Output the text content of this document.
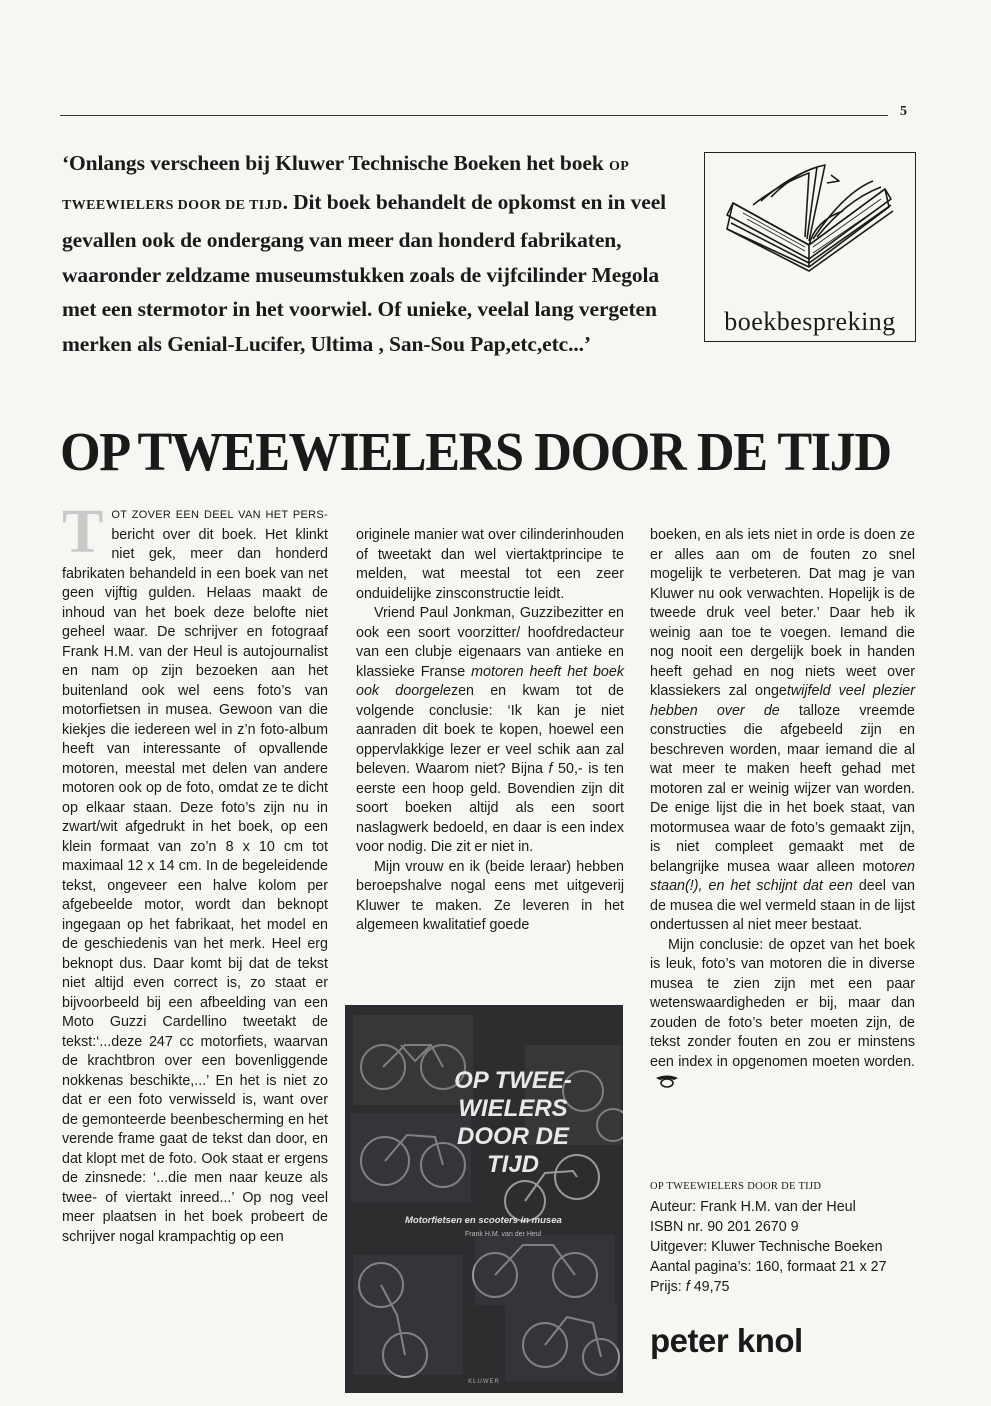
5
‘Onlangs verscheen bij Kluwer Technische Boeken het boek OP TWEEWIELERS DOOR DE TIJD. Dit boek behandelt de opkomst en in veel gevallen ook de ondergang van meer dan honderd fabrikaten, waaronder zeldzame museumstukken zoals de vijfcilinder Megola met een stermotor in het voorwiel. Of unieke, veelal lang vergeten merken als Genial-Lucifer, Ultima , San-Sou Pap,etc,etc...’
boekbespreking
OP TWEEWIELERS DOOR DE TIJD

TOT ZOVER EEN DEEL VAN HET PERS- bericht over dit boek. Het klinkt niet gek, meer dan honderd fabrikaten behandeld in een boek van net geen vijftig gulden. Helaas maakt de inhoud van het boek deze belofte niet geheel waar. De schrijver en fotograaf Frank H.M. van der Heul is autojournalist en nam op zijn bezoeken aan het buitenland ook wel eens foto’s van motorfietsen in musea. Gewoon van die kiekjes die iedereen wel in z’n foto-album heeft van interessante of opvallende motoren, meestal met delen van andere motoren ook op de foto, omdat ze te dicht op elkaar staan. Deze foto’s zijn nu in zwart/wit afgedrukt in het boek, op een klein formaat van zo’n 8 x 10 cm tot maximaal 12 x 14 cm. In de begeleidende tekst, ongeveer een halve kolom per afgebeelde motor, wordt dan beknopt ingegaan op het fabrikaat, het model en de geschiedenis van het merk. Heel erg beknopt dus. Daar komt bij dat de tekst niet altijd even correct is, zo staat er bijvoorbeeld bij een afbeelding van een Moto Guzzi Cardellino tweetakt de tekst:‘...deze 247 cc motorfiets, waarvan de krachtbron over een bovenliggende nokkenas beschikte,...’ En het is niet zo dat er een foto verwisseld is, want over de gemonteerde beenbescherming en het verende frame gaat de tekst dan door, en dat klopt met de foto. Ook staat er ergens de zinsnede: ‘...die men naar keuze als twee- of viertakt inreed...’ Op nog veel meer plaatsen in het boek probeert de schrijver nogal krampachtig op een

originele manier wat over cilinderinhouden of tweetakt dan wel viertaktprincipe te melden, wat meestal tot een zeer onduidelijke zinsconstructie leidt.

Vriend Paul Jonkman, Guzzibezitter en ook een soort voorzitter/ hoofdredacteur van een clubje eigenaars van antieke en klassieke Franse motoren heeft het boek ook doorgelezen en kwam tot de volgende conclusie: ‘Ik kan je niet aanraden dit boek te kopen, hoewel een oppervlakkige lezer er veel schik aan zal beleven. Waarom niet? Bijna f 50,- is ten eerste een hoop geld. Bovendien zijn dit soort boeken altijd als een soort naslagwerk bedoeld, en daar is een index voor nodig. Die zit er niet in.

Mijn vrouw en ik (beide leraar) hebben beroepshalve nogal eens met uitgeverij Kluwer te maken. Ze leveren in het algemeen kwalitatief goede

OP TWEE-WIELERS DOOR DE TIJD
Motorfietsen en scooters in musea
Frank H.M. van der Heul
KLUWER

boeken, en als iets niet in orde is doen ze er alles aan om de fouten zo snel mogelijk te verbeteren. Dat mag je van Kluwer nu ook verwachten. Hopelijk is de tweede druk veel beter.’ Daar heb ik weinig aan toe te voegen. Iemand die nog nooit een dergelijk boek in handen heeft gehad en nog niets weet over klassiekers zal ongetwijfeld veel plezier hebben over de talloze vreemde constructies die afgebeeld zijn en beschreven worden, maar iemand die al wat meer te maken heeft gehad met motoren zal er weinig wijzer van worden. De enige lijst die in het boek staat, van motormusea waar de foto’s gemaakt zijn, is niet compleet gemaakt met de belangrijke musea waar alleen motoren staan(!), en het schijnt dat een deel van de musea die wel vermeld staan in de lijst ondertussen al niet meer bestaat.

Mijn conclusie: de opzet van het boek is leuk, foto’s van motoren die in diverse musea te zien zijn met een paar wetenswaardigheden er bij, maar dan zouden de foto’s beter moeten zijn, de tekst zonder fouten en zou er minstens een index in opgenomen moeten worden.

OP TWEEWIELERS DOOR DE TIJD
Auteur: Frank H.M. van der Heul
ISBN nr. 90 201 2670 9
Uitgever: Kluwer Technische Boeken
Aantal pagina’s: 160, formaat 21 x 27
Prijs: f 49,75
peter knol
